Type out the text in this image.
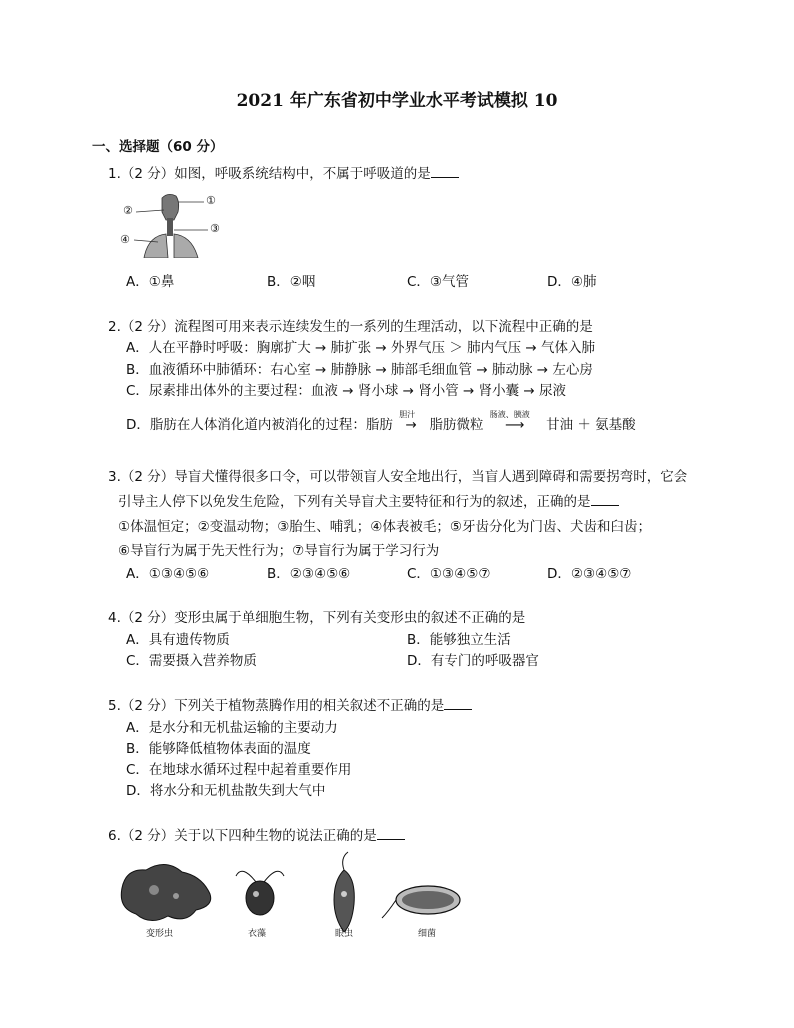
2021 年广东省初中学业水平考试模拟 10
一、选择题（60 分）
1.（2 分）如图，呼吸系统结构中，不属于呼吸道的是
①
②
③
④
A．①鼻	B．②咽	C．③气管	D．④肺
2.（2 分）流程图可用来表示连续发生的一系列的生理活动，以下流程中正确的是
A．人在平静时呼吸：胸廓扩大 → 肺扩张 → 外界气压 ＞ 肺内气压 → 气体入肺
B．血液循环中肺循环：右心室 → 肺静脉 → 肺部毛细血管 → 肺动脉 → 左心房
C．尿素排出体外的主要过程：血液 → 肾小球 → 肾小管 → 肾小囊 → 尿液
D．脂肪在人体消化道内被消化的过程：脂肪
胆汁
→ 脂肪微粒
肠液、胰液
⟶ 甘油 ＋ 氨基酸
3.（2 分）导盲犬懂得很多口令，可以带领盲人安全地出行，当盲人遇到障碍和需要拐弯时，它会
引导主人停下以免发生危险，下列有关导盲犬主要特征和行为的叙述，正确的是
①体温恒定；②变温动物；③胎生、哺乳；④体表被毛；⑤牙齿分化为门齿、犬齿和臼齿；
⑥导盲行为属于先天性行为；⑦导盲行为属于学习行为
A．①③④⑤⑥	B．②③④⑤⑥	C．①③④⑤⑦	D．②③④⑤⑦
4.（2 分）变形虫属于单细胞生物，下列有关变形虫的叙述不正确的是
A．具有遗传物质	B．能够独立生活
C．需要摄入营养物质	D．有专门的呼吸器官
5.（2 分）下列关于植物蒸腾作用的相关叙述不正确的是
A．是水分和无机盐运输的主要动力
B．能够降低植物体表面的温度
C．在地球水循环过程中起着重要作用
D．将水分和无机盐散失到大气中
6.（2 分）关于以下四种生物的说法正确的是
变形虫	衣藻	眼虫	细菌
